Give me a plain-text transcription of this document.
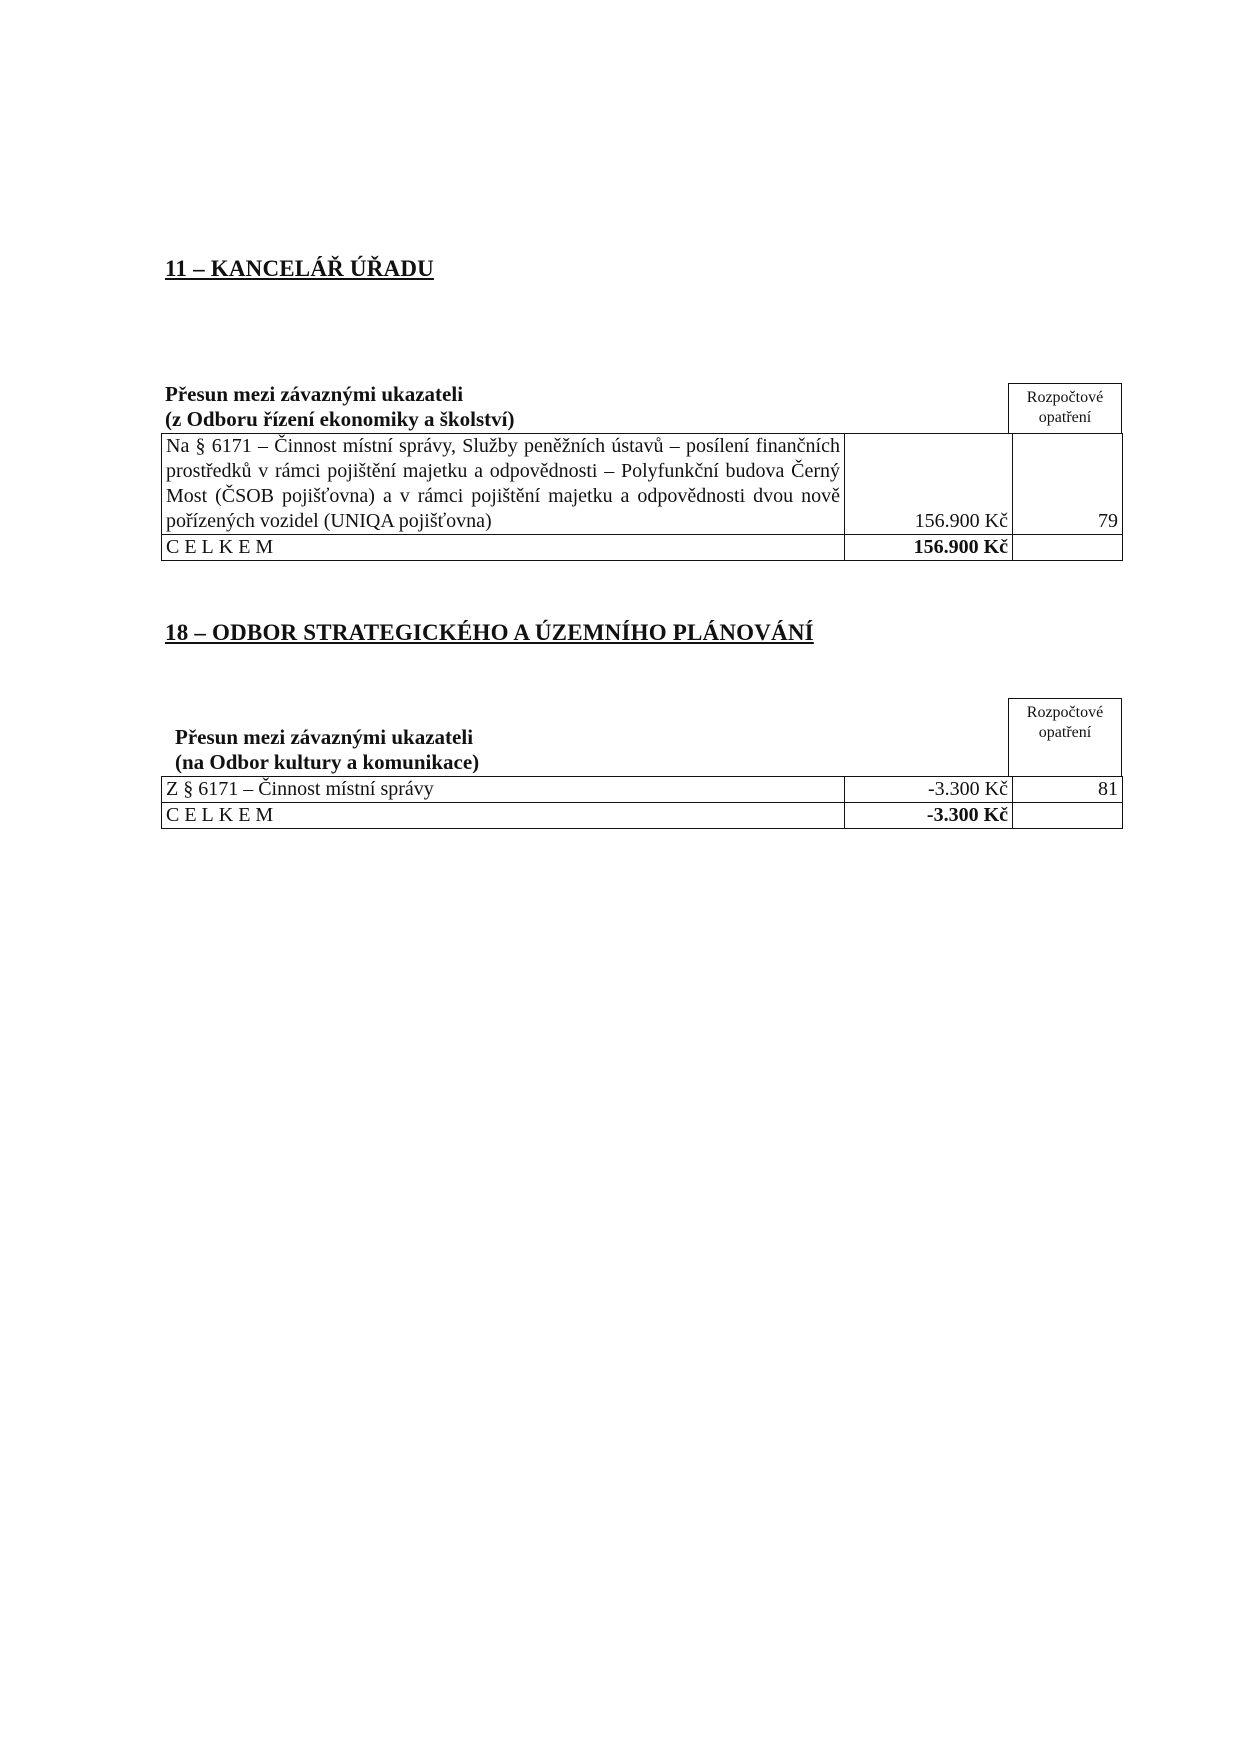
11 – KANCELÁŘ ÚŘADU
Přesun mezi závaznými ukazateli
(z Odboru řízení ekonomiky a školství)
Rozpočtové
opatření
Na § 6171 – Činnost místní správy, Služby peněžních ústavů – posílení finančních prostředků v rámci pojištění majetku a odpovědnosti – Polyfunkční budova Černý Most (ČSOB pojišťovna) a v rámci pojištění majetku a odpovědnosti dvou nově pořízených vozidel (UNIQA pojišťovna)	156.900 Kč	79
CELKEM	156.900 Kč	
18 – ODBOR STRATEGICKÉHO A ÚZEMNÍHO PLÁNOVÁNÍ
Přesun mezi závaznými ukazateli
(na Odbor kultury a komunikace)
Rozpočtové
opatření
Z § 6171 – Činnost místní správy	-3.300 Kč	81
CELKEM	-3.300 Kč	
